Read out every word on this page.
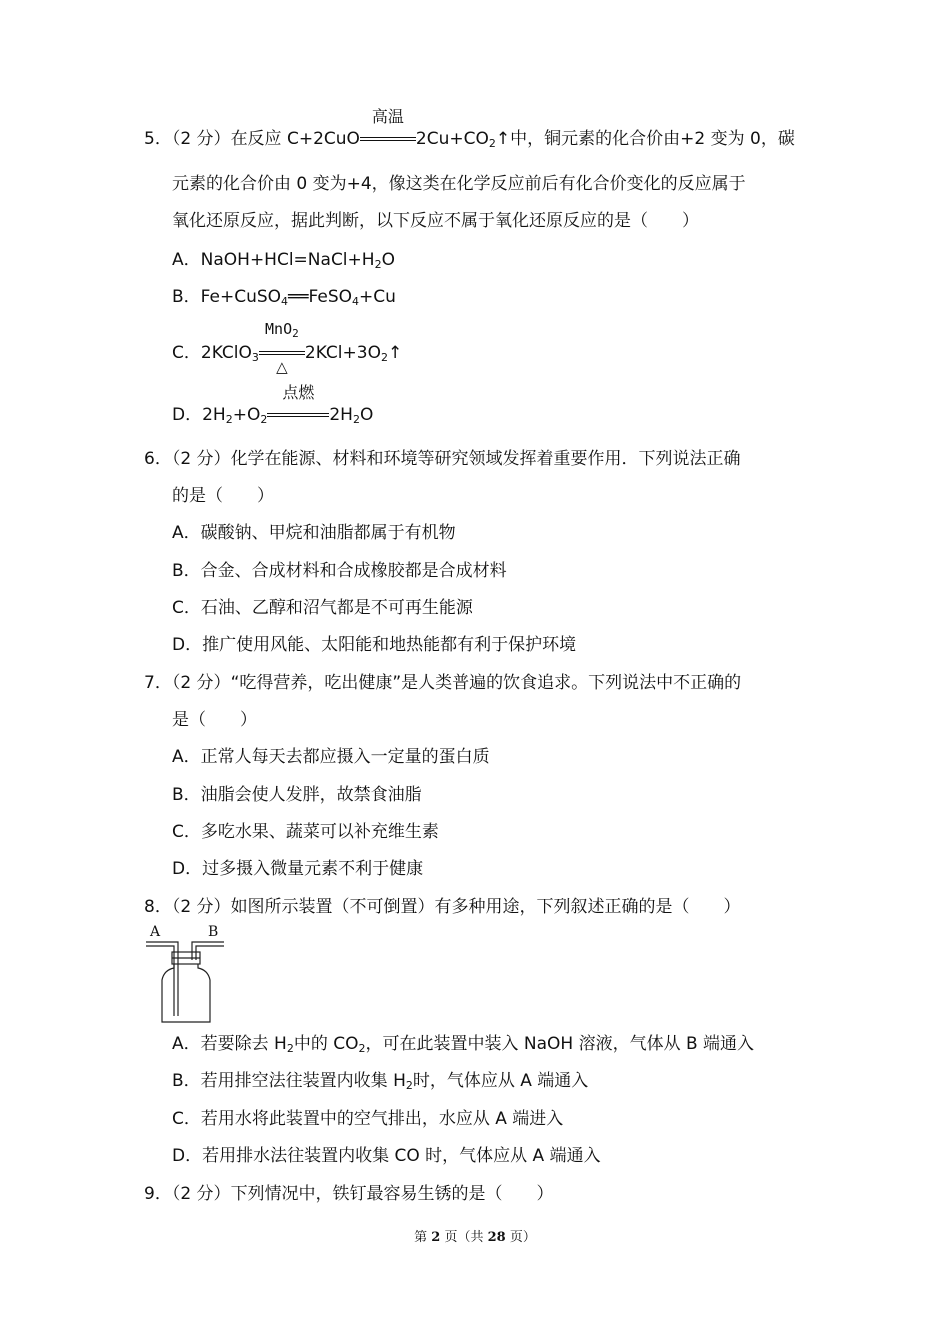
5．（2 分）在反应 C+2CuO
高温
$2Cu+CO_2↑$中，铜元素的化合价由+2 变为 0，碳
元素的化合价由 0 变为+4，像这类在化学反应前后有化合价变化的反应属于
氧化还原反应，据此判断，以下反应不属于氧化还原反应的是（　　）
A．$NaOH+HCl=NaCl+H_2O$
B．Fe+CuSO$_4$══FeSO$_4$+Cu
C．2KClO$_3$
MnO$_2$
△
$2KCl+3O_2↑$
D．$2H_2+O_2$
点燃
$2H_2O$
6．（2 分）化学在能源、材料和环境等研究领域发挥着重要作用．下列说法正确
的是（　　）
A．碳酸钠、甲烷和油脂都属于有机物
B．合金、合成材料和合成橡胶都是合成材料
C．石油、乙醇和沼气都是不可再生能源
D．推广使用风能、太阳能和地热能都有利于保护环境
7．（2 分）“吃得营养，吃出健康”是人类普遍的饮食追求。下列说法中不正确的
是（　　）
A．正常人每天去都应摄入一定量的蛋白质
B．油脂会使人发胖，故禁食油脂
C．多吃水果、蔬菜可以补充维生素
D．过多摄入微量元素不利于健康
8．（2 分）如图所示装置（不可倒置）有多种用途，下列叙述正确的是（　　）
A	B
A．若要除去 $H_2$中的 $CO_2$，可在此装置中装入 NaOH 溶液，气体从 B 端通入
B．若用排空法往装置内收集 $H_2$时，气体应从 A 端通入
C．若用水将此装置中的空气排出，水应从 A 端进入
D．若用排水法往装置内收集 CO 时，气体应从 A 端通入
9．（2 分）下列情况中，铁钉最容易生锈的是（　　）
第 2 页（共 28 页）
